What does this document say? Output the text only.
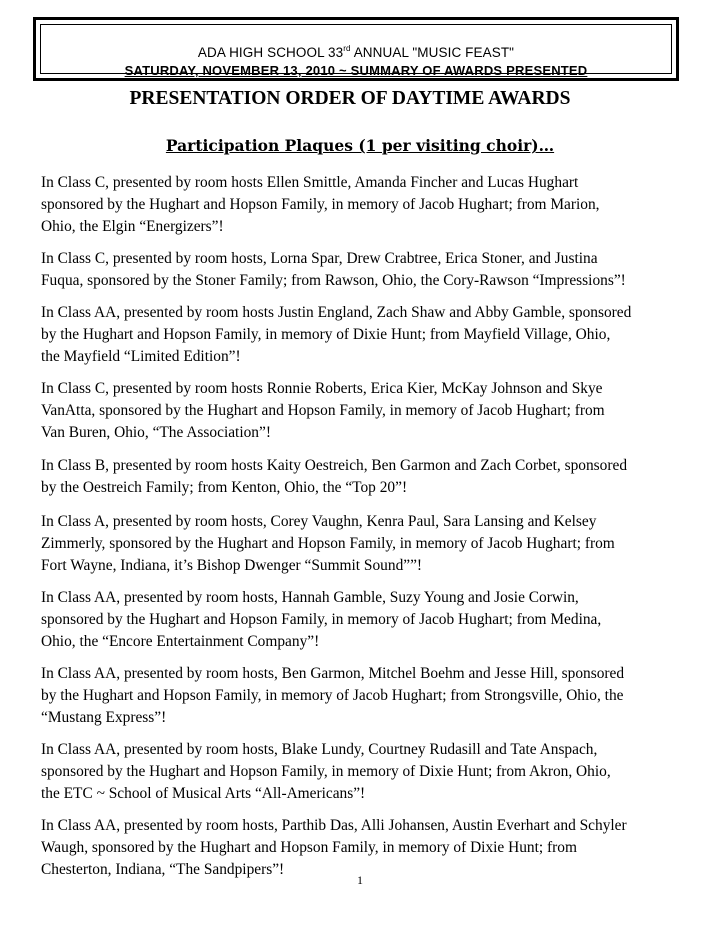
ADA HIGH SCHOOL 33rd ANNUAL "MUSIC FEAST"
SATURDAY, NOVEMBER 13, 2010 ~ SUMMARY OF AWARDS PRESENTED
PRESENTATION ORDER OF DAYTIME AWARDS
Participation Plaques (1 per visiting choir)…
In Class C, presented by room hosts Ellen Smittle, Amanda Fincher and Lucas Hughart
sponsored by the Hughart and Hopson Family, in memory of Jacob Hughart; from Marion,
Ohio, the Elgin “Energizers”!
In Class C, presented by room hosts, Lorna Spar, Drew Crabtree, Erica Stoner, and Justina
Fuqua, sponsored by the Stoner Family; from Rawson, Ohio, the Cory-Rawson “Impressions”!
In Class AA, presented by room hosts Justin England, Zach Shaw and Abby Gamble, sponsored
by the Hughart and Hopson Family, in memory of Dixie Hunt; from Mayfield Village, Ohio,
the Mayfield “Limited Edition”!
In Class C, presented by room hosts Ronnie Roberts, Erica Kier, McKay Johnson and Skye
VanAtta, sponsored by the Hughart and Hopson Family, in memory of Jacob Hughart; from
Van Buren, Ohio, “The Association”!
In Class B, presented by room hosts Kaity Oestreich, Ben Garmon and Zach Corbet, sponsored
by the Oestreich Family; from Kenton, Ohio, the “Top 20”!
In Class A, presented by room hosts, Corey Vaughn, Kenra Paul, Sara Lansing and Kelsey
Zimmerly, sponsored by the Hughart and Hopson Family, in memory of Jacob Hughart; from
Fort Wayne, Indiana, it’s Bishop Dwenger “Summit Sound””!
In Class AA, presented by room hosts, Hannah Gamble, Suzy Young and Josie Corwin,
sponsored by the Hughart and Hopson Family, in memory of Jacob Hughart; from Medina,
Ohio, the “Encore Entertainment Company”!
In Class AA, presented by room hosts, Ben Garmon, Mitchel Boehm and Jesse Hill, sponsored
by the Hughart and Hopson Family, in memory of Jacob Hughart; from Strongsville, Ohio, the
“Mustang Express”!
In Class AA, presented by room hosts, Blake Lundy, Courtney Rudasill and Tate Anspach,
sponsored by the Hughart and Hopson Family, in memory of Dixie Hunt; from Akron, Ohio,
the ETC ~ School of Musical Arts “All-Americans”!
In Class AA, presented by room hosts, Parthib Das, Alli Johansen, Austin Everhart and Schyler
Waugh, sponsored by the Hughart and Hopson Family, in memory of Dixie Hunt; from
Chesterton, Indiana, “The Sandpipers”!
1
